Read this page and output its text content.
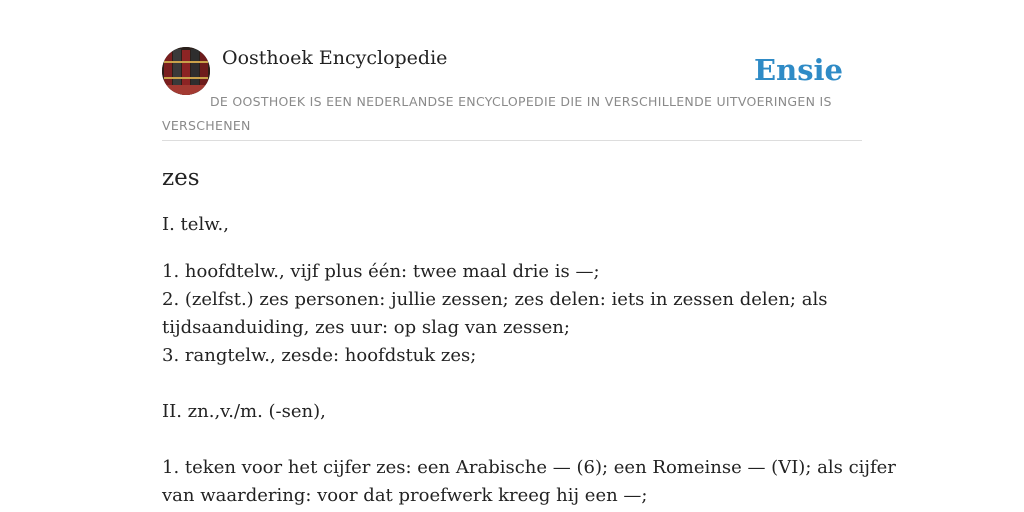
Oosthoek Encyclopedie	Ensie
DE OOSTHOEK IS EEN NEDERLANDSE ENCYCLOPEDIE DIE IN VERSCHILLENDE UITVOERINGEN IS VERSCHENEN
zes

I. telw.,

1. hoofdtelw., vijf plus één: twee maal drie is —;

2. (zelfst.) zes personen: jullie zessen; zes delen: iets in zessen delen; als

tijdsaanduiding, zes uur: op slag van zessen;

3. rangtelw., zesde: hoofdstuk zes;

II. zn.,v./m. (-sen),

1. teken voor het cijfer zes: een Arabische — (6); een Romeinse — (VI); als cijfer

van waardering: voor dat proefwerk kreeg hij een —;
